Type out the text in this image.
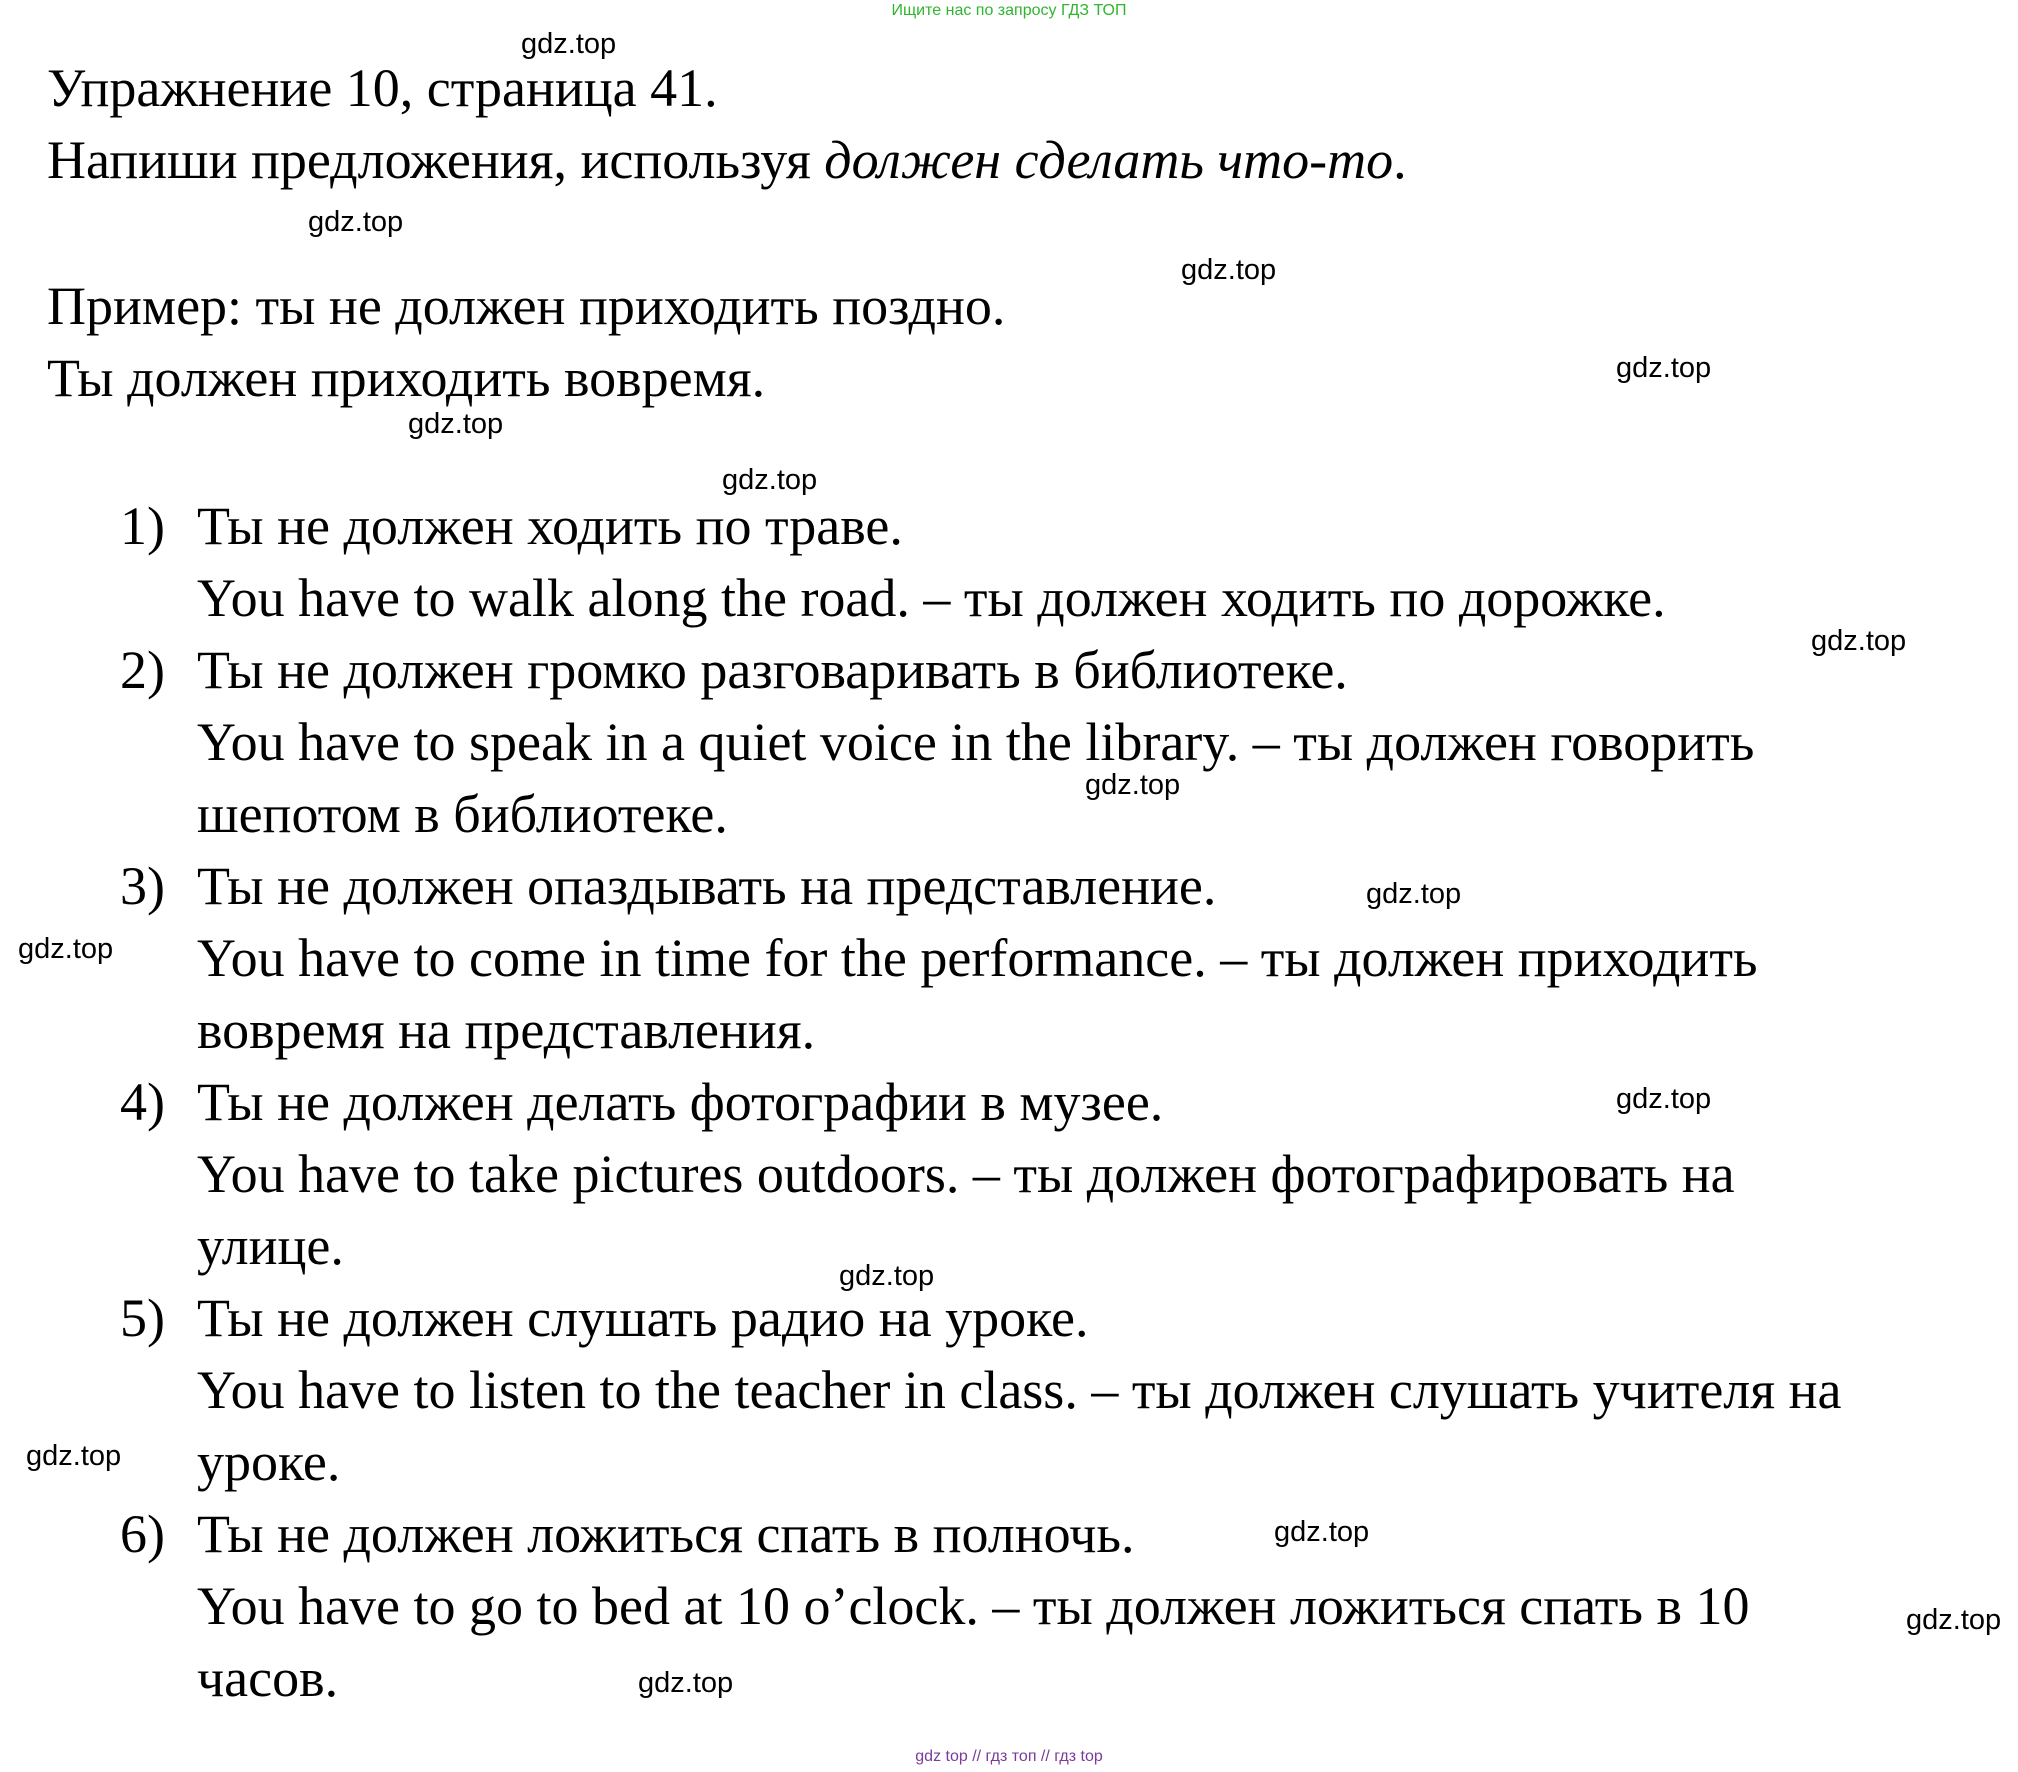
Ищите нас по запросу ГДЗ ТОП
Упражнение 10, страница 41.
Напиши предложения, используя должен сделать что-то.
Пример: ты не должен приходить поздно.
Ты должен приходить вовремя.
1) Ты не должен ходить по траве.
You have to walk along the road. – ты должен ходить по дорожке.
2) Ты не должен громко разговаривать в библиотеке.
You have to speak in a quiet voice in the library. – ты должен говорить
шепотом в библиотеке.
3) Ты не должен опаздывать на представление.
You have to come in time for the performance. – ты должен приходить
вовремя на представления.
4) Ты не должен делать фотографии в музее.
You have to take pictures outdoors. – ты должен фотографировать на
улице.
5) Ты не должен слушать радио на уроке.
You have to listen to the teacher in class. – ты должен слушать учителя на
уроке.
6) Ты не должен ложиться спать в полночь.
You have to go to bed at 10 o’clock. – ты должен ложиться спать в 10
часов.
gdz.top
gdz.top
gdz.top
gdz.top
gdz.top
gdz.top
gdz.top
gdz.top
gdz.top
gdz.top
gdz.top
gdz.top
gdz.top
gdz.top
gdz.top
gdz.top
gdz top // гдз топ // гдз top
